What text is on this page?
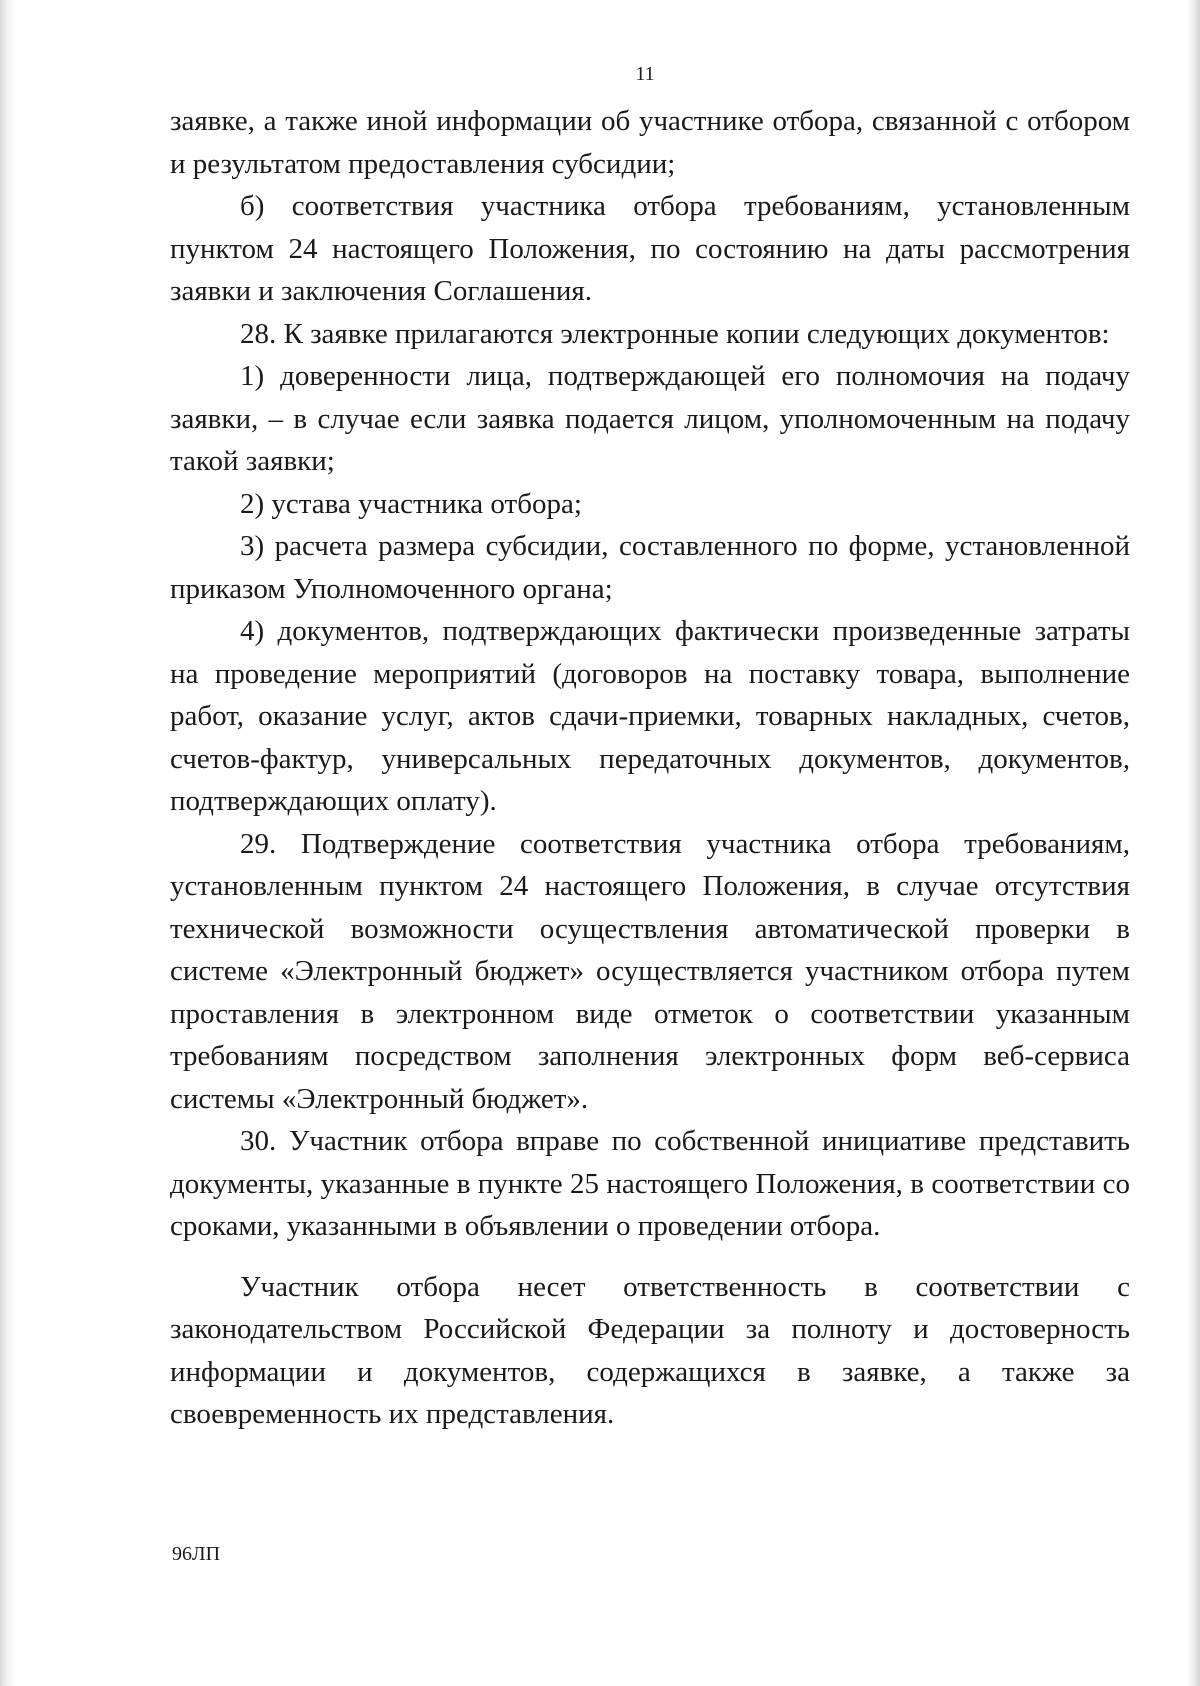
11

заявке, а также иной информации об участнике отбора, связанной с отбором и результатом предоставления субсидии;

б) соответствия участника отбора требованиям, установленным пунктом 24 настоящего Положения, по состоянию на даты рассмотрения заявки и заключения Соглашения.

28. К заявке прилагаются электронные копии следующих документов:

1) доверенности лица, подтверждающей его полномочия на подачу заявки, – в случае если заявка подается лицом, уполномоченным на подачу такой заявки;

2) устава участника отбора;

3) расчета размера субсидии, составленного по форме, установленной приказом Уполномоченного органа;

4) документов, подтверждающих фактически произведенные затраты на проведение мероприятий (договоров на поставку товара, выполнение работ, оказание услуг, актов сдачи-приемки, товарных накладных, счетов, счетов-фактур, универсальных передаточных документов, документов, подтверждающих оплату).

29. Подтверждение соответствия участника отбора требованиям, установленным пунктом 24 настоящего Положения, в случае отсутствия технической возможности осуществления автоматической проверки в системе «Электронный бюджет» осуществляется участником отбора путем проставления в электронном виде отметок о соответствии указанным требованиям посредством заполнения электронных форм веб-сервиса системы «Электронный бюджет».

30. Участник отбора вправе по собственной инициативе представить документы, указанные в пункте 25 настоящего Положения, в соответствии со сроками, указанными в объявлении о проведении отбора.

Участник отбора несет ответственность в соответствии с законодательством Российской Федерации за полноту и достоверность информации и документов, содержащихся в заявке, а также за своевременность их представления.

96ЛП
